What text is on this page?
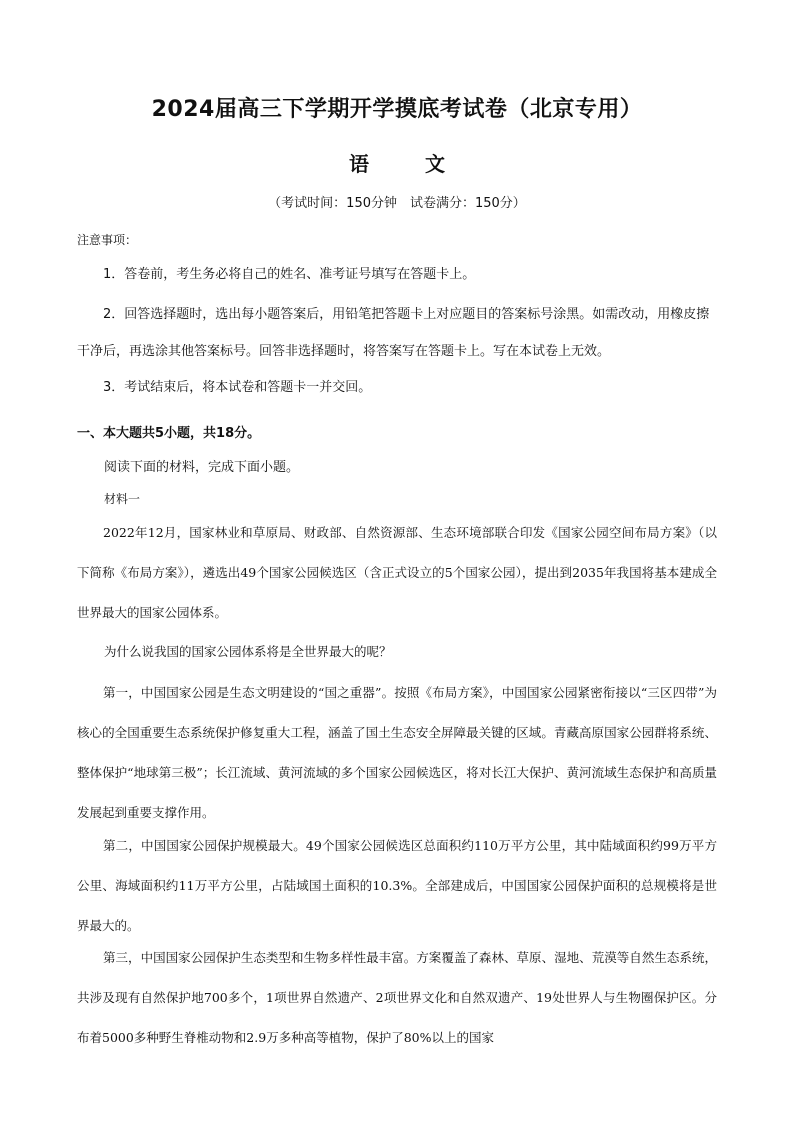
2024届高三下学期开学摸底考试卷（北京专用）
语	文
（考试时间：150分钟　试卷满分：150分）
注意事项：
1．答卷前，考生务必将自己的姓名、准考证号填写在答题卡上。
2．回答选择题时，选出每小题答案后，用铅笔把答题卡上对应题目的答案标号涂黑。如需改动，用橡皮擦干净后，再选涂其他答案标号。回答非选择题时，将答案写在答题卡上。写在本试卷上无效。
3．考试结束后，将本试卷和答题卡一并交回。
一、本大题共5小题，共18分。
阅读下面的材料，完成下面小题。
材料一
2022年12月，国家林业和草原局、财政部、自然资源部、生态环境部联合印发《国家公园空间布局方案》（以下简称《布局方案》），遴选出49个国家公园候选区（含正式设立的5个国家公园），提出到2035年我国将基本建成全世界最大的国家公园体系。
为什么说我国的国家公园体系将是全世界最大的呢？
第一，中国国家公园是生态文明建设的“国之重器”。按照《布局方案》，中国国家公园紧密衔接以“三区四带”为核心的全国重要生态系统保护修复重大工程，涵盖了国土生态安全屏障最关键的区域。青藏高原国家公园群将系统、整体保护“地球第三极”；长江流域、黄河流域的多个国家公园候选区，将对长江大保护、黄河流域生态保护和高质量发展起到重要支撑作用。
第二，中国国家公园保护规模最大。49个国家公园候选区总面积约110万平方公里，其中陆域面积约99万平方公里、海域面积约11万平方公里，占陆域国土面积的10.3%。全部建成后，中国国家公园保护面积的总规模将是世界最大的。
第三，中国国家公园保护生态类型和生物多样性最丰富。方案覆盖了森林、草原、湿地、荒漠等自然生态系统，共涉及现有自然保护地700多个，1项世界自然遗产、2项世界文化和自然双遗产、19处世界人与生物圈保护区。分布着5000多种野生脊椎动物和2.9万多种高等植物，保护了80%以上的国家
